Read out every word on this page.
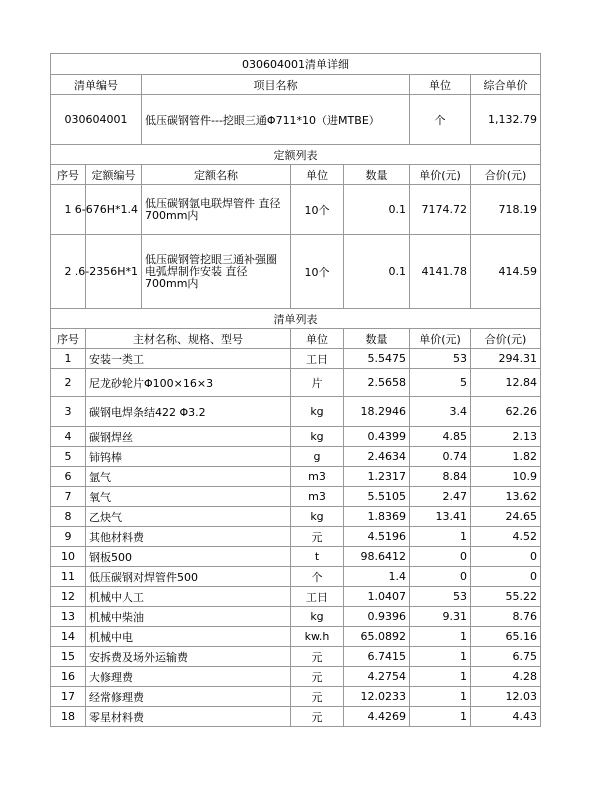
030604001清单详细						
清单编号		项目名称			单位	综合单价
030604001		低压碳钢管件---挖眼三通Φ711*10（进MTBE）			个	1,132.79
定额列表						
序号	定额编号	定额名称	单位	数量	单价(元)	合价(元)
1	6-676H*1.4	低压碳钢氩电联焊管件 直径700mm内	10个	0.1	7174.72	718.19
2	6-2356H*1.	低压碳钢管挖眼三通补强圈 电弧焊制作安装 直径700mm内	10个	0.1	4141.78	414.59
清单列表						
序号	主材名称、规格、型号		单位	数量	单价(元)	合价(元)
1	安装一类工		工日	5.5475	53	294.31
2	尼龙砂轮片Φ100×16×3		片	2.5658	5	12.84
3	碳钢电焊条结422 Φ3.2		kg	18.2946	3.4	62.26
4	碳钢焊丝		kg	0.4399	4.85	2.13
5	铈钨棒		g	2.4634	0.74	1.82
6	氩气		m3	1.2317	8.84	10.9
7	氧气		m3	5.5105	2.47	13.62
8	乙炔气		kg	1.8369	13.41	24.65
9	其他材料费		元	4.5196	1	4.52
10	钢板500		t	98.6412	0	0
11	低压碳钢对焊管件500		个	1.4	0	0
12	机械中人工		工日	1.0407	53	55.22
13	机械中柴油		kg	0.9396	9.31	8.76
14	机械中电		kw.h	65.0892	1	65.16
15	安拆费及场外运输费		元	6.7415	1	6.75
16	大修理费		元	4.2754	1	4.28
17	经常修理费		元	12.0233	1	12.03
18	零星材料费		元	4.4269	1	4.43
